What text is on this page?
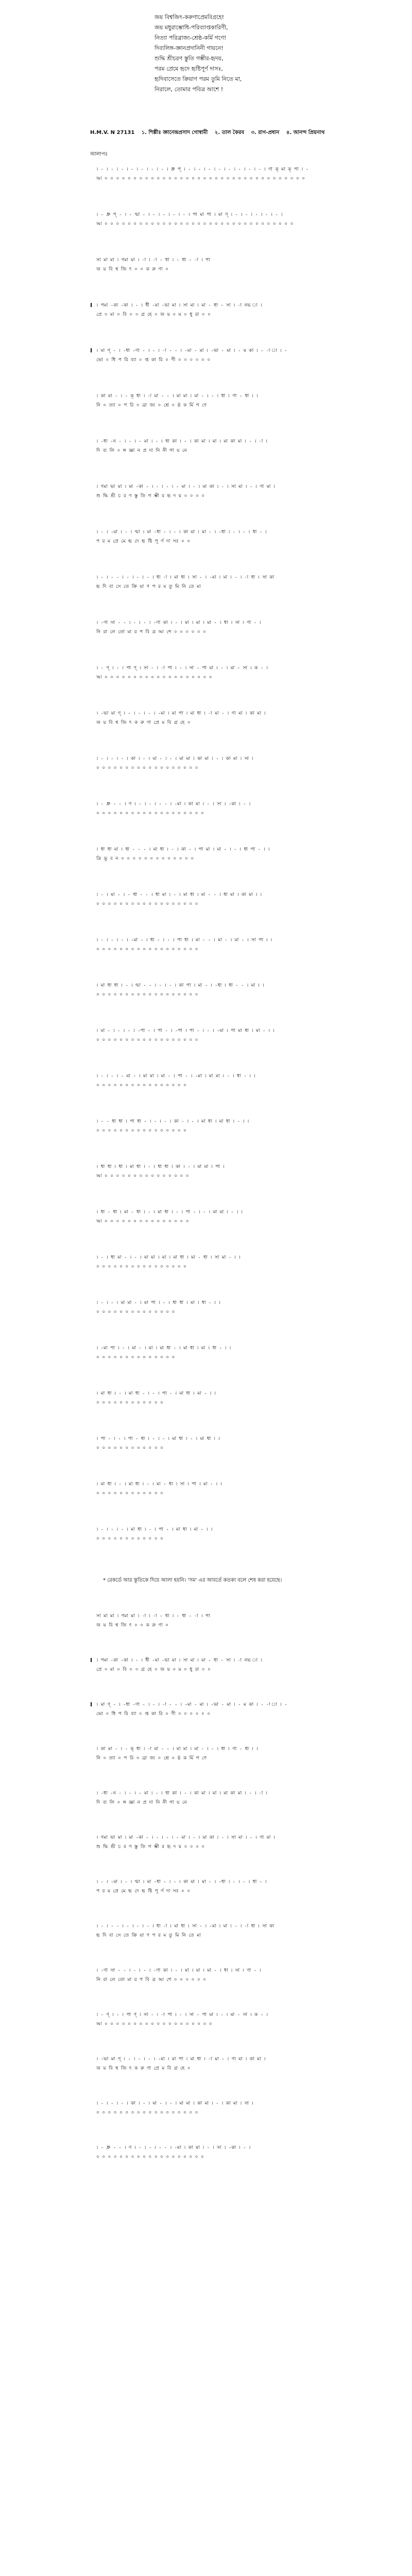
জয় বিশ্বজিৎ-করুণাপ্রেমবিগ্রহে!
জয় মধুরাম্ভোধি-পরিব্যাপ্তকারিণী,
নিত্যা পরিব্রাজ্য-শ্রেষ্ঠ-কর্মি গণে!
দিব্যলিঙ্গ-জ্ঞানপ্রদানিনী গায়নে!
শুদ্ধি শ্রীচরণ স্তুতি গম্ভীর-হৃদয়,
পরম প্রেমে হৃদে হৃষ্টিপূর্ণ দাসঃ,
হৃদিবাসেতে ক্রিয়াণ পরম তুমি নিতে মা,
নিরালে, তোমার পবিত্র আশে !
H.M.V. N 27131 ১. শিল্পীঃ জ্ঞানেন্দ্রপ্রসাদ গোস্বামী ২. তাল কৈরব ৩. রাগ-প্রধান ৪. আনন্দ প্রিয়নাথ
আলাপঃ
। - । - । - । - । - । - । - । ধ্রু প্‌ । - । - । - । - । - । - । - । - । ণা ক্‌ মা ক্‌ পা । -
আ ০ ০ ০ ০ ০ ০ ০ ০ ০ ০ ০ ০ ০ ০ ০ ০ ০ ০ ০ ০ ০ ০ ০ ০ ০ ০ ০ ০ ০ ০ ০ ০ ০ ০ ০
। - ধ্রু প্‌ - । - ণ্মা - । - । - । - । - । পা মা পা । মা ণ্ । - । - । - । - । - ।
আ ০ ০ ০ ০ ০ ০ ০ ০ ০ ০ ০ ০ ০ ০ ০ ০ ০ ০ ০ ০ ০ ০ ০ ০ ০ ০ ০ ০ ০ ০ ০ ০ ০
সা মা মা । ণমা মা । -া । -া - ধা । - ধা - -া । পা
জ য় বি শ্ব জি ৎ ০ ০ ক রু ণা ০
I । পমা -কা -কা । - । ধী -মা -ভা মা । সা মা । মা - ধা - সা । -া নভ া ।
প্রে ০ মা ০ বি ০ ০ গ্র হে ০ জ য় ০ ম ০ ধু রা ০ ০
I । মা ণ্ - । -ধা -ণা - । - । -া - - । -মা - মা । -ভা - মা । - ম কা । - -া া । -
ভো ০ ধি প রি ব্যা ০ প্ত কা রি ০ ণী ০ ০ ০ ০ ০ ০
। কা মা - । - ক্‌ ধা । -া মা - - । মা মা । মা - । - । ধা । ণা - ধা । ।
নি ০ ত্যা ০ প রি ০ ব্রা জ্য ০ শ্রে ০ ষ্ঠ ক র্মি গ ণে
। -ধা -ন - । - । - মা । - । ধা কা । - । কা মা । মা । মা কা মা । - । -া ।
দি ব্য লি ০ ঙ্গ জ্ঞা ন প্র দা নি নী গা য় নে
। ণমা ভা মা । মা -কা - । - । - । - মা । - । মা কা । - । সা মা । - । ণা মা ।
শু দ্ধি শ্রী চ র ণ স্তু তি গ ম্ভী র হৃ দ য় ০ ০ ০ ০
। - । -মা । - । ণ্মা । মা -ধা - । - । কা মা । মা - । -ধা । - । - । ধা - ।
প র ম প্রে মে হৃ দে হৃ ষ্টি পূ র্ণ দা সঃ ০ ০
। - । - - । - । - । - । ধা -া । মা ধা । সা - । -মা । মা । - । -া ধা । সা কা
হৃ দি বা সে তে ক্রি য়া ণ প র ম তু মি নি তে মা
। -ণা সা - - । - । - । -ণা কা । - । মা । মা । মা - । ধা । সা । ণা - ।
নি রা লে তো মা র প বি ত্র আ শে ০ ০ ০ ০ ০ ০
। - ণ্ । - । পা ণ্ । সা - । -া পা । - । সা - পা মা । - । মা - সা । ক - ।
আ ০ ০ ০ ০ ০ ০ ০ ০ ০ ০ ০ ০ ০ ০ ০ ০ ০ ০ ০
। -ভা মা ণ্ । - । - । - । -মা । মা পা । মা ধা । -া মা - । ণা মা । কা মা ।
জ য় বি শ্ব জি ৎ ক রু ণা প্রে ম বি গ্র হে ০
। - । - । - । কা । - । মা - । - । মা মা । কা মা । - । কা মা । সা ।
০ ০ ০ ০ ০ ০ ০ ০ ০ ০ ০ ০ ০ ০ ০ ০ ০ ০
। - ধ্রু - - । ণ । - । - । - - । -মা । কা মা । - । সা । -কা । - ।
০ ০ ০ ০ ০ ০ ০ ০ ০ ০ ০ ০ ০ ০ ০ ০ ০ ০ ০
। ধা ধা মা । ধা - - - । মা ধা । - । কা - । পা মা । মা - । - । ধা পা - । ।
ত্ৰি ভু ব ন ০ ০ ০ ০ ০ ০ ০ ০ ০ ০ ০ ০ ০
। - । মা - । - ধা - - । ধা মা । - । মা ধা । মা - - । ধা মা । কা মা । ।
০ ০ ০ ০ ০ ০ ০ ০ ০ ০ ০ ০ ০ ০ ০ ০ ০ ০
। - । - । - । -মা - । ধা - । - । পা ধা । মা - - । মা - । মা - । সা পা । ।
০ ০ ০ ০ ০ ০ ০ ০ ০ ০ ০ ০ ০ ০ ০ ০ ০ ০
। মা ধা ধা । - । ণ্মা - - । - । - । কা পা । মা - । -ধা । ধা - - । মা । ।
০ ০ ০ ০ ০ ০ ০ ০ ০ ০ ০ ০ ০ ০ ০ ০ ০ ০
। মা - । - । - । -পা - । পা - । -পা । পা - । - । -মা । পা মা ধা । মা - । ।
০ ০ ০ ০ ০ ০ ০ ০ ০ ০ ০ ০ ০ ০ ০ ০ ০ ০
। - । - । - মা - । মা মা । মা - । পা - । -মা । মা মা । - । ধা - । ।
০ ০ ০ ০ ০ ০ ০ ০ ০ ০ ০ ০ ০ ০ ০ ০
। - - ধা ধা । পা ধা - । - । - । কা - । - । মা ধা । মা ধা । - । ।
০ ০ ০ ০ ০ ০ ০ ০ ০ ০ ০ ০ ০ ০ ০ ০
। ধা ধা । ধা । মা ধা । - । ধা ধা । কা । - । মা মা । পা ।
আ ০ ০ ০ ০ ০ ০ ০ ০ ০ ০ ০ ০ ০ ০ ০
। ধা - ধা । মা - ধা । - । মা ধা । - । পা - । - । মা মা । - । ।
আ ০ ০ ০ ০ ০ ০ ০ ০ ০ ০ ০ ০ ০ ০ ০
। - । ধা মা - । - । মা মা । মা । মা ধা । মা - ধা । সা মা - । ।
০ ০ ০ ০ ০ ০ ০ ০ ০ ০ ০ ০ ০ ০ ০ ০
। - । - । মা মা - । মা পা । - । ধা ধা । মা । ধা - । ।
০ ০ ০ ০ ০ ০ ০ ০ ০ ০ ০ ০ ০ ০
। -মা পা । - । মা - । মা । মা ধা - । মা ধা । মা । ধা - । ।
০ ০ ০ ০ ০ ০ ০ ০ ০ ০ ০ ০ ০ ০
। মা ধা । - । মা ধা - । - । পা - । মা ধা । মা - । ।
০ ০ ০ ০ ০ ০ ০ ০ ০ ০ ০ ০
। পা - । - । পা - ধা । - । - । মা ধা । - । মা ধা । ।
০ ০ ০ ০ ০ ০ ০ ০ ০ ০ ০ ০
। মা ধা । - । মা ধা । - । মা - ধা । সা । পা । মা - । ।
০ ০ ০ ০ ০ ০ ০ ০ ০ ০ ০ ০
। - । - । - । মা ধা । - । পা - । মা ধা । মা - । ।
০ ০ ০ ০ ০ ০ ০ ০ ০ ০ ০ ০
* রেকর্ডে আর স্তূতিকে দিয়ে আলা হয়নি। 'সম' এর আবর্তে কতকা বলে শেষ করা হয়েছে।
সা মা মা । ণমা মা । -া । -া - ধা । - ধা - -া । পা
জ য় বি শ্ব জি ৎ ০ ০ ক রু ণা ০
I । পমা -কা -কা । - । ধী -মা -ভা মা । সা মা । মা - ধা - সা । -া নভ া ।
প্রে ০ মা ০ বি ০ ০ গ্র হে ০ জ য় ০ ম ০ ধু রা ০ ০
I । মা ণ্ - । -ধা -ণা - । - । -া - - । -মা - মা । -ভা - মা । - ম কা । - -া া । -
ভো ০ ধি প রি ব্যা ০ প্ত কা রি ০ ণী ০ ০ ০ ০ ০ ০
। কা মা - । - ক্‌ ধা । -া মা - - । মা মা । মা - । - । ধা । ণা - ধা । ।
নি ০ ত্যা ০ প রি ০ ব্রা জ্য ০ শ্রে ০ ষ্ঠ ক র্মি গ ণে
। -ধা -ন - । - । - মা । - । ধা কা । - । কা মা । মা । মা কা মা । - । -া ।
দি ব্য লি ০ ঙ্গ জ্ঞা ন প্র দা নি নী গা য় নে
। ণমা ভা মা । মা -কা - । - । - । - মা । - । মা কা । - । সা মা । - । ণা মা ।
শু দ্ধি শ্রী চ র ণ স্তু তি গ ম্ভী র হৃ দ য় ০ ০ ০ ০
। - । -মা । - । ণ্মা । মা -ধা - । - । কা মা । মা - । -ধা । - । - । ধা - ।
প র ম প্রে মে হৃ দে হৃ ষ্টি পূ র্ণ দা সঃ ০ ০
। - । - - । - । - । - । ধা -া । মা ধা । সা - । -মা । মা । - । -া ধা । সা কা
হৃ দি বা সে তে ক্রি য়া ণ প র ম তু মি নি তে মা
। -ণা সা - - । - । - । -ণা কা । - । মা । মা । মা - । ধা । সা । ণা - ।
নি রা লে তো মা র প বি ত্র আ শে ০ ০ ০ ০ ০ ০
। - ণ্ । - । পা ণ্ । সা - । -া পা । - । সা - পা মা । - । মা - সা । ক - ।
আ ০ ০ ০ ০ ০ ০ ০ ০ ০ ০ ০ ০ ০ ০ ০ ০ ০ ০ ০
। -ভা মা ণ্ । - । - । - । -মা । মা পা । মা ধা । -া মা - । ণা মা । কা মা ।
জ য় বি শ্ব জি ৎ ক রু ণা প্রে ম বি গ্র হে ০
। - । - । - । কা । - । মা - । - । মা মা । কা মা । - । কা মা । সা ।
০ ০ ০ ০ ০ ০ ০ ০ ০ ০ ০ ০ ০ ০ ০ ০ ০ ০
। - ধ্রু - - । ণ । - । - । - - । -মা । কা মা । - । সা । -কা । - ।
০ ০ ০ ০ ০ ০ ০ ০ ০ ০ ০ ০ ০ ০ ০ ০ ০ ০ ০
